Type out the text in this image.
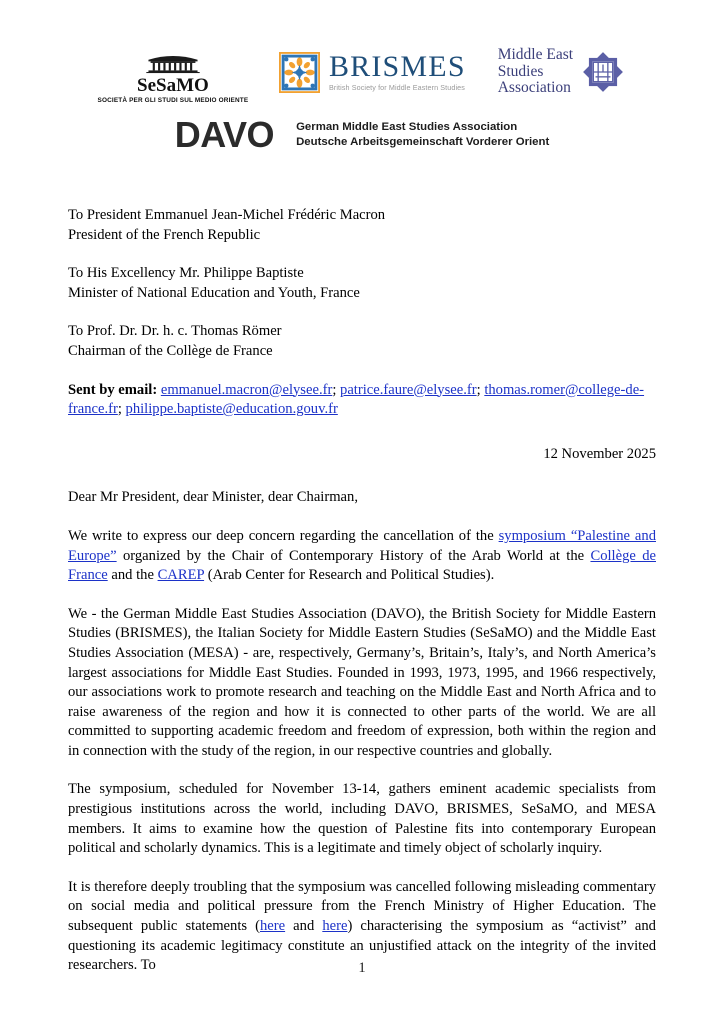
SeSaMO
SOCIETÀ PER GLI STUDI SUL MEDIO ORIENTE
BRISMES
British Society for Middle Eastern Studies
Middle East
Studies
Association
DAVO German Middle East Studies Association
Deutsche Arbeitsgemeinschaft Vorderer Orient
To President Emmanuel Jean-Michel Frédéric Macron
President of the French Republic
To His Excellency Mr. Philippe Baptiste
Minister of National Education and Youth, France
To Prof. Dr. Dr. h. c. Thomas Römer
Chairman of the Collège de France
Sent by email: emmanuel.macron@elysee.fr; patrice.faure@elysee.fr; thomas.romer@college-de-france.fr; philippe.baptiste@education.gouv.fr
12 November 2025
Dear Mr President, dear Minister, dear Chairman,

We write to express our deep concern regarding the cancellation of the symposium “Palestine and Europe” organized by the Chair of Contemporary History of the Arab World at the Collège de France and the CAREP (Arab Center for Research and Political Studies).

We - the German Middle East Studies Association (DAVO), the British Society for Middle Eastern Studies (BRISMES), the Italian Society for Middle Eastern Studies (SeSaMO) and the Middle East Studies Association (MESA) - are, respectively, Germany’s, Britain’s, Italy’s, and North America’s largest associations for Middle East Studies. Founded in 1993, 1973, 1995, and 1966 respectively, our associations work to promote research and teaching on the Middle East and North Africa and to raise awareness of the region and how it is connected to other parts of the world. We are all committed to supporting academic freedom and freedom of expression, both within the region and in connection with the study of the region, in our respective countries and globally.

The symposium, scheduled for November 13-14, gathers eminent academic specialists from prestigious institutions across the world, including DAVO, BRISMES, SeSaMO, and MESA members. It aims to examine how the question of Palestine fits into contemporary European political and scholarly dynamics. This is a legitimate and timely object of scholarly inquiry.

It is therefore deeply troubling that the symposium was cancelled following misleading commentary on social media and political pressure from the French Ministry of Higher Education. The subsequent public statements (here and here) characterising the symposium as “activist” and questioning its academic legitimacy constitute an unjustified attack on the integrity of the invited researchers. To	1
